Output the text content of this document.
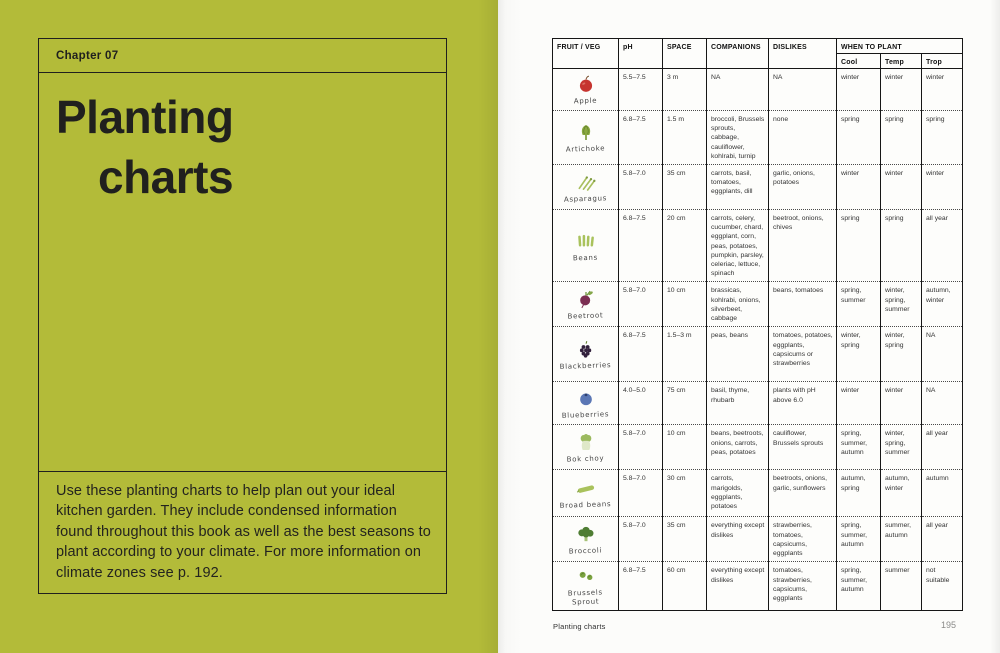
Chapter 07
Planting
charts

Use these planting charts to help plan out your ideal kitchen garden. They include condensed information found throughout this book as well as the best seasons to plant according to your climate. For more information on climate zones see p. 192.

FRUIT / VEG	pH	SPACE	COMPANIONS	DISLIKES	WHEN TO PLANT		
					Cool	Temp	Trop

Apple	5.5–7.5	3 m	NA	NA	winter	winter	winter

Artichoke	6.8–7.5	1.5 m	broccoli, Brussels sprouts, cabbage, cauliflower, kohlrabi, turnip	none	spring	spring	spring

Asparagus	5.8–7.0	35 cm	carrots, basil, tomatoes, eggplants, dill	garlic, onions, potatoes	winter	winter	winter

Beans	6.8–7.5	20 cm	carrots, celery, cucumber, chard, eggplant, corn, peas, potatoes, pumpkin, parsley, celeriac, lettuce, spinach	beetroot, onions, chives	spring	spring	all year

Beetroot	5.8–7.0	10 cm	brassicas, kohlrabi, onions, silverbeet, cabbage	beans, tomatoes	spring, summer	winter, spring, summer	autumn, winter

Blackberries	6.8–7.5	1.5–3 m	peas, beans	tomatoes, potatoes, eggplants, capsicums or strawberries	winter, spring	winter, spring	NA

Blueberries	4.0–5.0	75 cm	basil, thyme, rhubarb	plants with pH above 6.0	winter	winter	NA

Bok choy	5.8–7.0	10 cm	beans, beetroots, onions, carrots, peas, potatoes	cauliflower, Brussels sprouts	spring, summer, autumn	winter, spring, summer	all year

Broad beans	5.8–7.0	30 cm	carrots, marigolds, eggplants, potatoes	beetroots, onions, garlic, sunflowers	autumn, spring	autumn, winter	autumn

Broccoli	5.8–7.0	35 cm	everything except dislikes	strawberries, tomatoes, capsicums, eggplants	spring, summer, autumn	summer, autumn	all year

Brussels Sprout	6.8–7.5	60 cm	everything except dislikes	tomatoes, strawberries, capsicums, eggplants	spring, summer, autumn	summer	not suitable
Planting charts	195
